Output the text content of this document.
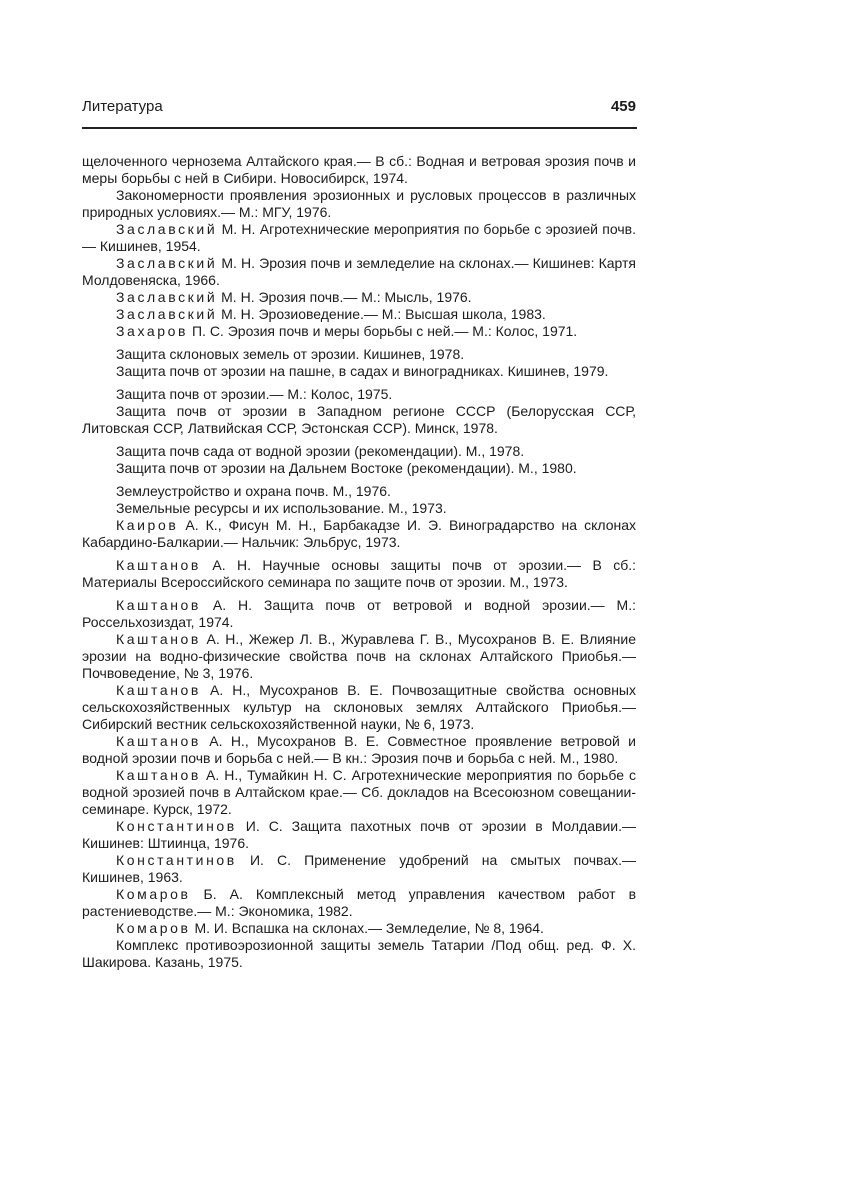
Литература	459

щелоченного чернозема Алтайского края.— В сб.: Водная и ветровая эрозия почв и меры борьбы с ней в Сибири. Новосибирск, 1974.

Закономерности проявления эрозионных и русловых процессов в различных природных условиях.— М.: МГУ, 1976.

Заславский М. Н. Агротехнические мероприятия по борьбе с эрозией почв.— Кишинев, 1954.

Заславский М. Н. Эрозия почв и земледелие на склонах.— Кишинев: Картя Молдовеняска, 1966.

Заславский М. Н. Эрозия почв.— М.: Мысль, 1976.

Заславский М. Н. Эрозиоведение.— М.: Высшая школа, 1983.

Захаров П. С. Эрозия почв и меры борьбы с ней.— М.: Колос, 1971.

Защита склоновых земель от эрозии. Кишинев, 1978.

Защита почв от эрозии на пашне, в садах и виноградниках. Кишинев, 1979.

Защита почв от эрозии.— М.: Колос, 1975.

Защита почв от эрозии в Западном регионе СССР (Белорусская ССР, Литовская ССР, Латвийская ССР, Эстонская ССР). Минск, 1978.

Защита почв сада от водной эрозии (рекомендации). М., 1978.

Защита почв от эрозии на Дальнем Востоке (рекомендации). М., 1980.

Землеустройство и охрана почв. М., 1976.

Земельные ресурсы и их использование. М., 1973.

Каиров А. К., Фисун М. Н., Барбакадзе И. Э. Виноградарство на склонах Кабардино-Балкарии.— Нальчик: Эльбрус, 1973.

Каштанов А. Н. Научные основы защиты почв от эрозии.— В сб.: Материалы Всероссийского семинара по защите почв от эрозии. М., 1973.

Каштанов А. Н. Защита почв от ветровой и водной эрозии.— М.: Россельхозиздат, 1974.

Каштанов А. Н., Жежер Л. В., Журавлева Г. В., Мусохранов В. Е. Влияние эрозии на водно-физические свойства почв на склонах Алтайского Приобья.— Почвоведение, № 3, 1976.

Каштанов А. Н., Мусохранов В. Е. Почвозащитные свойства основных сельскохозяйственных культур на склоновых землях Алтайского Приобья.— Сибирский вестник сельскохозяйственной науки, № 6, 1973.

Каштанов А. Н., Мусохранов В. Е. Совместное проявление ветровой и водной эрозии почв и борьба с ней.— В кн.: Эрозия почв и борьба с ней. М., 1980.

Каштанов А. Н., Тумайкин Н. С. Агротехнические мероприятия по борьбе с водной эрозией почв в Алтайском крае.— Сб. докладов на Всесоюзном совещании-семинаре. Курск, 1972.

Константинов И. С. Защита пахотных почв от эрозии в Молдавии.— Кишинев: Штиинца, 1976.

Константинов И. С. Применение удобрений на смытых почвах.— Кишинев, 1963.

Комаров Б. А. Комплексный метод управления качеством работ в растениеводстве.— М.: Экономика, 1982.

Комаров М. И. Вспашка на склонах.— Земледелие, № 8, 1964.

Комплекс противоэрозионной защиты земель Татарии /Под общ. ред. Ф. Х. Шакирова. Казань, 1975.
